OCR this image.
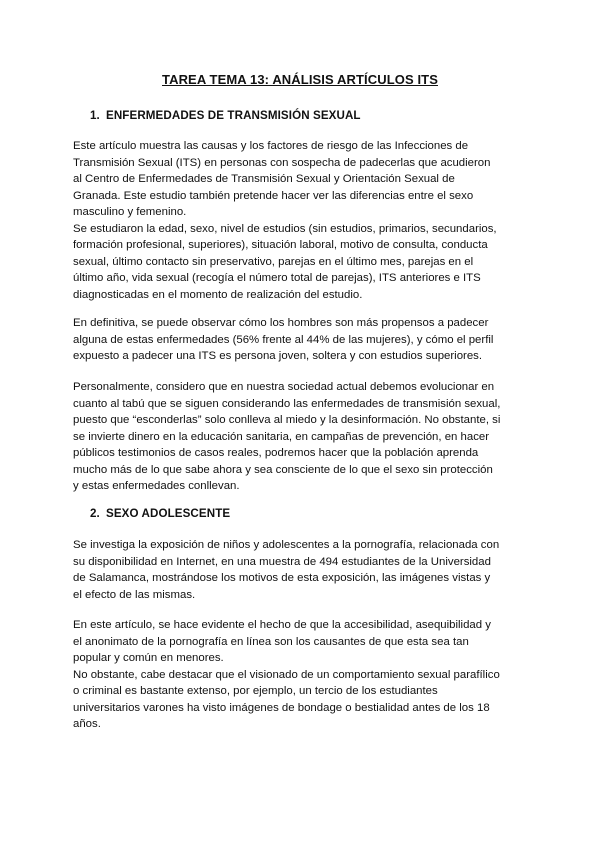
TAREA TEMA 13: ANÁLISIS ARTÍCULOS ITS
1. ENFERMEDADES DE TRANSMISIÓN SEXUAL
Este artículo muestra las causas y los factores de riesgo de las Infecciones de
Transmisión Sexual (ITS) en personas con sospecha de padecerlas que acudieron
al Centro de Enfermedades de Transmisión Sexual y Orientación Sexual de
Granada. Este estudio también pretende hacer ver las diferencias entre el sexo
masculino y femenino.
Se estudiaron la edad, sexo, nivel de estudios (sin estudios, primarios, secundarios,
formación profesional, superiores), situación laboral, motivo de consulta, conducta
sexual, último contacto sin preservativo, parejas en el último mes, parejas en el
último año, vida sexual (recogía el número total de parejas), ITS anteriores e ITS
diagnosticadas en el momento de realización del estudio.
En definitiva, se puede observar cómo los hombres son más propensos a padecer
alguna de estas enfermedades (56% frente al 44% de las mujeres), y cómo el perfil
expuesto a padecer una ITS es persona joven, soltera y con estudios superiores.
Personalmente, considero que en nuestra sociedad actual debemos evolucionar en
cuanto al tabú que se siguen considerando las enfermedades de transmisión sexual,
puesto que “esconderlas” solo conlleva al miedo y la desinformación. No obstante, si
se invierte dinero en la educación sanitaria, en campañas de prevención, en hacer
públicos testimonios de casos reales, podremos hacer que la población aprenda
mucho más de lo que sabe ahora y sea consciente de lo que el sexo sin protección
y estas enfermedades conllevan.
2. SEXO ADOLESCENTE
Se investiga la exposición de niños y adolescentes a la pornografía, relacionada con
su disponibilidad en Internet, en una muestra de 494 estudiantes de la Universidad
de Salamanca, mostrándose los motivos de esta exposición, las imágenes vistas y
el efecto de las mismas.
En este artículo, se hace evidente el hecho de que la accesibilidad, asequibilidad y
el anonimato de la pornografía en línea son los causantes de que esta sea tan
popular y común en menores.
No obstante, cabe destacar que el visionado de un comportamiento sexual parafílico
o criminal es bastante extenso, por ejemplo, un tercio de los estudiantes
universitarios varones ha visto imágenes de bondage o bestialidad antes de los 18
años.
